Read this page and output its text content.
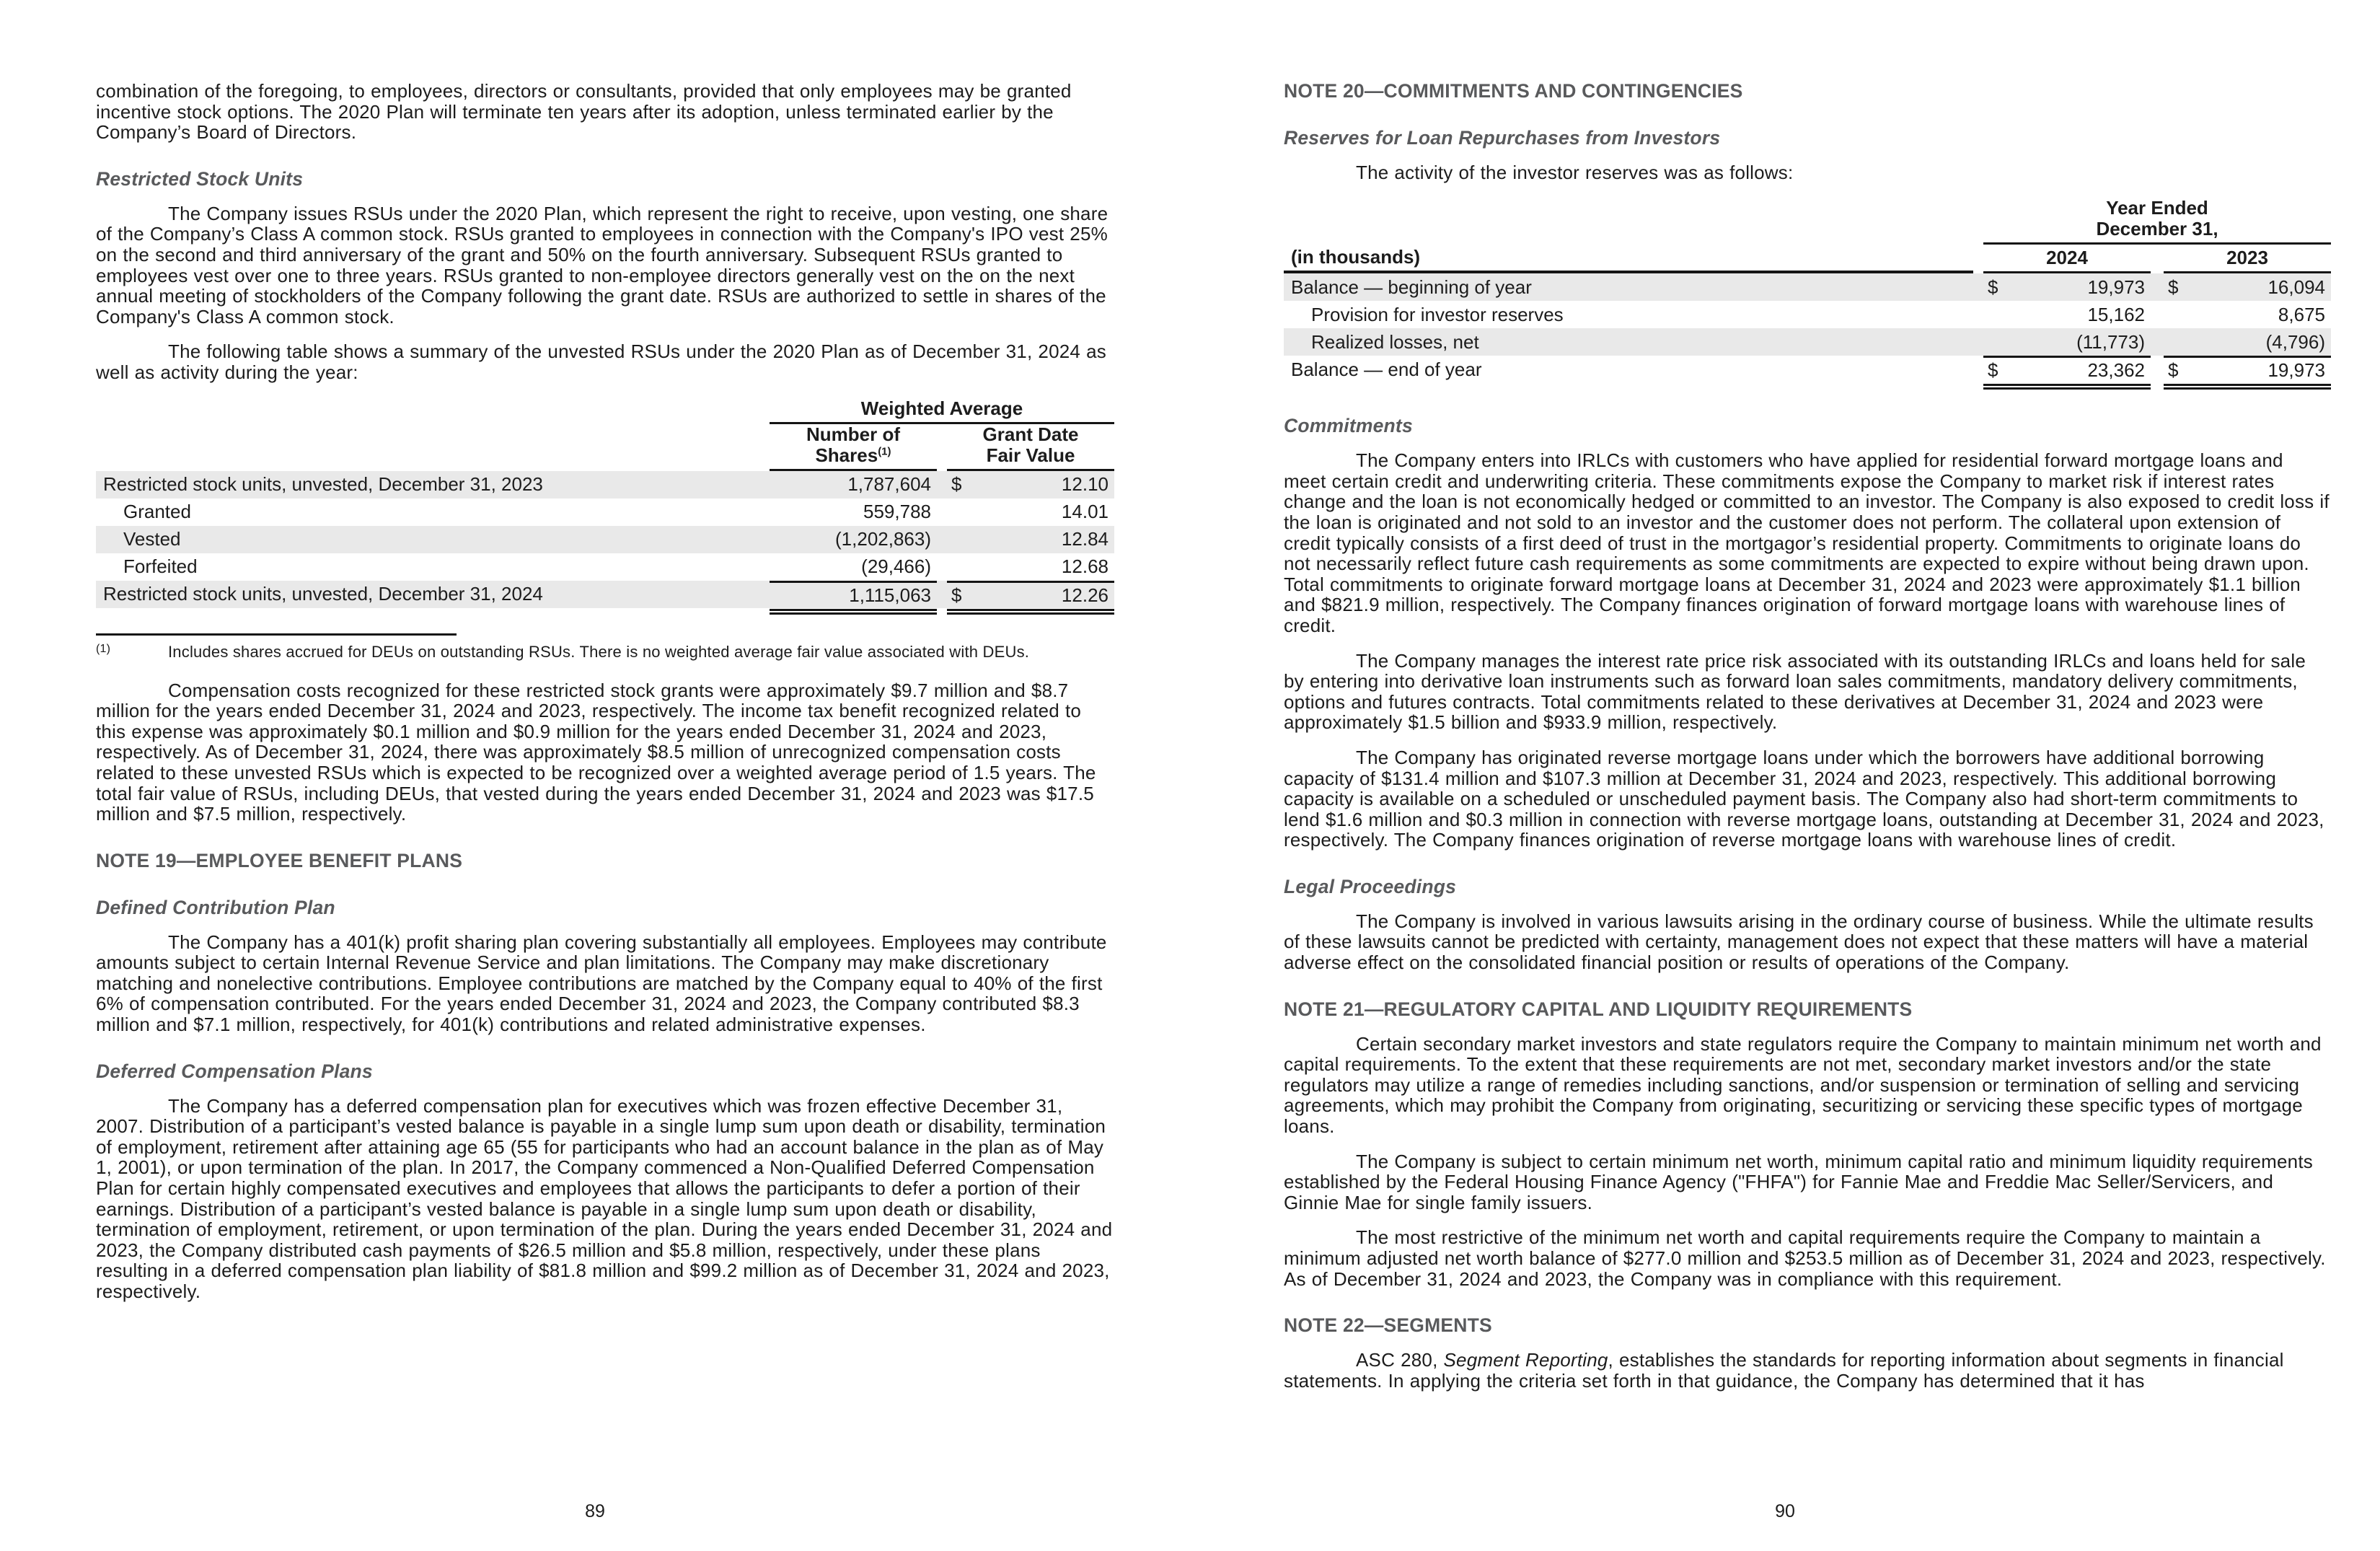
combination of the foregoing, to employees, directors or consultants, provided that only employees may be granted incentive stock options. The 2020 Plan will terminate ten years after its adoption, unless terminated earlier by the Company’s Board of Directors.

Restricted Stock Units

The Company issues RSUs under the 2020 Plan, which represent the right to receive, upon vesting, one share of the Company’s Class A common stock. RSUs granted to employees in connection with the Company's IPO vest 25% on the second and third anniversary of the grant and 50% on the fourth anniversary. Subsequent RSUs granted to employees vest over one to three years. RSUs granted to non-employee directors generally vest on the on the next annual meeting of stockholders of the Company following the grant date. RSUs are authorized to settle in shares of the Company's Class A common stock.

The following table shows a summary of the unvested RSUs under the 2020 Plan as of December 31, 2024 as well as activity during the year:

Weighted Average
Number of
Shares$^{(1)}$
Grant Date
Fair Value
Restricted stock units, unvested, December 31, 2023	1,787,604 $	12.10
Granted	559,788	14.01
Vested	(1,202,863)	12.84
Forfeited	(29,466)	12.68
Restricted stock units, unvested, December 31, 2024	1,115,063 $	12.26
(1)	Includes shares accrued for DEUs on outstanding RSUs. There is no weighted average fair value associated with DEUs.

Compensation costs recognized for these restricted stock grants were approximately $9.7 million and $8.7 million for the years ended December 31, 2024 and 2023, respectively. The income tax benefit recognized related to this expense was approximately $0.1 million and $0.9 million for the years ended December 31, 2024 and 2023, respectively. As of December 31, 2024, there was approximately $8.5 million of unrecognized compensation costs related to these unvested RSUs which is expected to be recognized over a weighted average period of 1.5 years. The total fair value of RSUs, including DEUs, that vested during the years ended December 31, 2024 and 2023 was $17.5 million and $7.5 million, respectively.

NOTE 19—EMPLOYEE BENEFIT PLANS
Defined Contribution Plan

The Company has a 401(k) profit sharing plan covering substantially all employees. Employees may contribute amounts subject to certain Internal Revenue Service and plan limitations. The Company may make discretionary matching and nonelective contributions. Employee contributions are matched by the Company equal to 40% of the first 6% of compensation contributed. For the years ended December 31, 2024 and 2023, the Company contributed $8.3 million and $7.1 million, respectively, for 401(k) contributions and related administrative expenses.

Deferred Compensation Plans

The Company has a deferred compensation plan for executives which was frozen effective December 31, 2007. Distribution of a participant’s vested balance is payable in a single lump sum upon death or disability, termination of employment, retirement after attaining age 65 (55 for participants who had an account balance in the plan as of May 1, 2001), or upon termination of the plan. In 2017, the Company commenced a Non-Qualified Deferred Compensation Plan for certain highly compensated executives and employees that allows the participants to defer a portion of their earnings. Distribution of a participant’s vested balance is payable in a single lump sum upon death or disability, termination of employment, retirement, or upon termination of the plan. During the years ended December 31, 2024 and 2023, the Company distributed cash payments of $26.5 million and $5.8 million, respectively, under these plans resulting in a deferred compensation plan liability of $81.8 million and $99.2 million as of December 31, 2024 and 2023, respectively.

89
NOTE 20—COMMITMENTS AND CONTINGENCIES
Reserves for Loan Repurchases from Investors

The activity of the investor reserves was as follows:

Year Ended
December 31,
(in thousands)	2024	2023
Balance — beginning of year	$	19,973 $	16,094
Provision for investor reserves	15,162	8,675
Realized losses, net	(11,773)	(4,796)
Balance — end of year	$	23,362 $	19,973
Commitments

The Company enters into IRLCs with customers who have applied for residential forward mortgage loans and meet certain credit and underwriting criteria. These commitments expose the Company to market risk if interest rates change and the loan is not economically hedged or committed to an investor. The Company is also exposed to credit loss if the loan is originated and not sold to an investor and the customer does not perform. The collateral upon extension of credit typically consists of a first deed of trust in the mortgagor’s residential property. Commitments to originate loans do not necessarily reflect future cash requirements as some commitments are expected to expire without being drawn upon. Total commitments to originate forward mortgage loans at December 31, 2024 and 2023 were approximately $1.1 billion and $821.9 million, respectively. The Company finances origination of forward mortgage loans with warehouse lines of credit.

The Company manages the interest rate price risk associated with its outstanding IRLCs and loans held for sale by entering into derivative loan instruments such as forward loan sales commitments, mandatory delivery commitments, options and futures contracts. Total commitments related to these derivatives at December 31, 2024 and 2023 were approximately $1.5 billion and $933.9 million, respectively.

The Company has originated reverse mortgage loans under which the borrowers have additional borrowing capacity of $131.4 million and $107.3 million at December 31, 2024 and 2023, respectively. This additional borrowing capacity is available on a scheduled or unscheduled payment basis. The Company also had short-term commitments to lend $1.6 million and $0.3 million in connection with reverse mortgage loans, outstanding at December 31, 2024 and 2023, respectively. The Company finances origination of reverse mortgage loans with warehouse lines of credit.

Legal Proceedings

The Company is involved in various lawsuits arising in the ordinary course of business. While the ultimate results of these lawsuits cannot be predicted with certainty, management does not expect that these matters will have a material adverse effect on the consolidated financial position or results of operations of the Company.

NOTE 21—REGULATORY CAPITAL AND LIQUIDITY REQUIREMENTS

Certain secondary market investors and state regulators require the Company to maintain minimum net worth and capital requirements. To the extent that these requirements are not met, secondary market investors and/or the state regulators may utilize a range of remedies including sanctions, and/or suspension or termination of selling and servicing agreements, which may prohibit the Company from originating, securitizing or servicing these specific types of mortgage loans.

The Company is subject to certain minimum net worth, minimum capital ratio and minimum liquidity requirements established by the Federal Housing Finance Agency ("FHFA") for Fannie Mae and Freddie Mac Seller/Servicers, and Ginnie Mae for single family issuers.

The most restrictive of the minimum net worth and capital requirements require the Company to maintain a minimum adjusted net worth balance of $277.0 million and $253.5 million as of December 31, 2024 and 2023, respectively. As of December 31, 2024 and 2023, the Company was in compliance with this requirement.

NOTE 22—SEGMENTS

ASC 280, Segment Reporting, establishes the standards for reporting information about segments in financial statements. In applying the criteria set forth in that guidance, the Company has determined that it has

90
